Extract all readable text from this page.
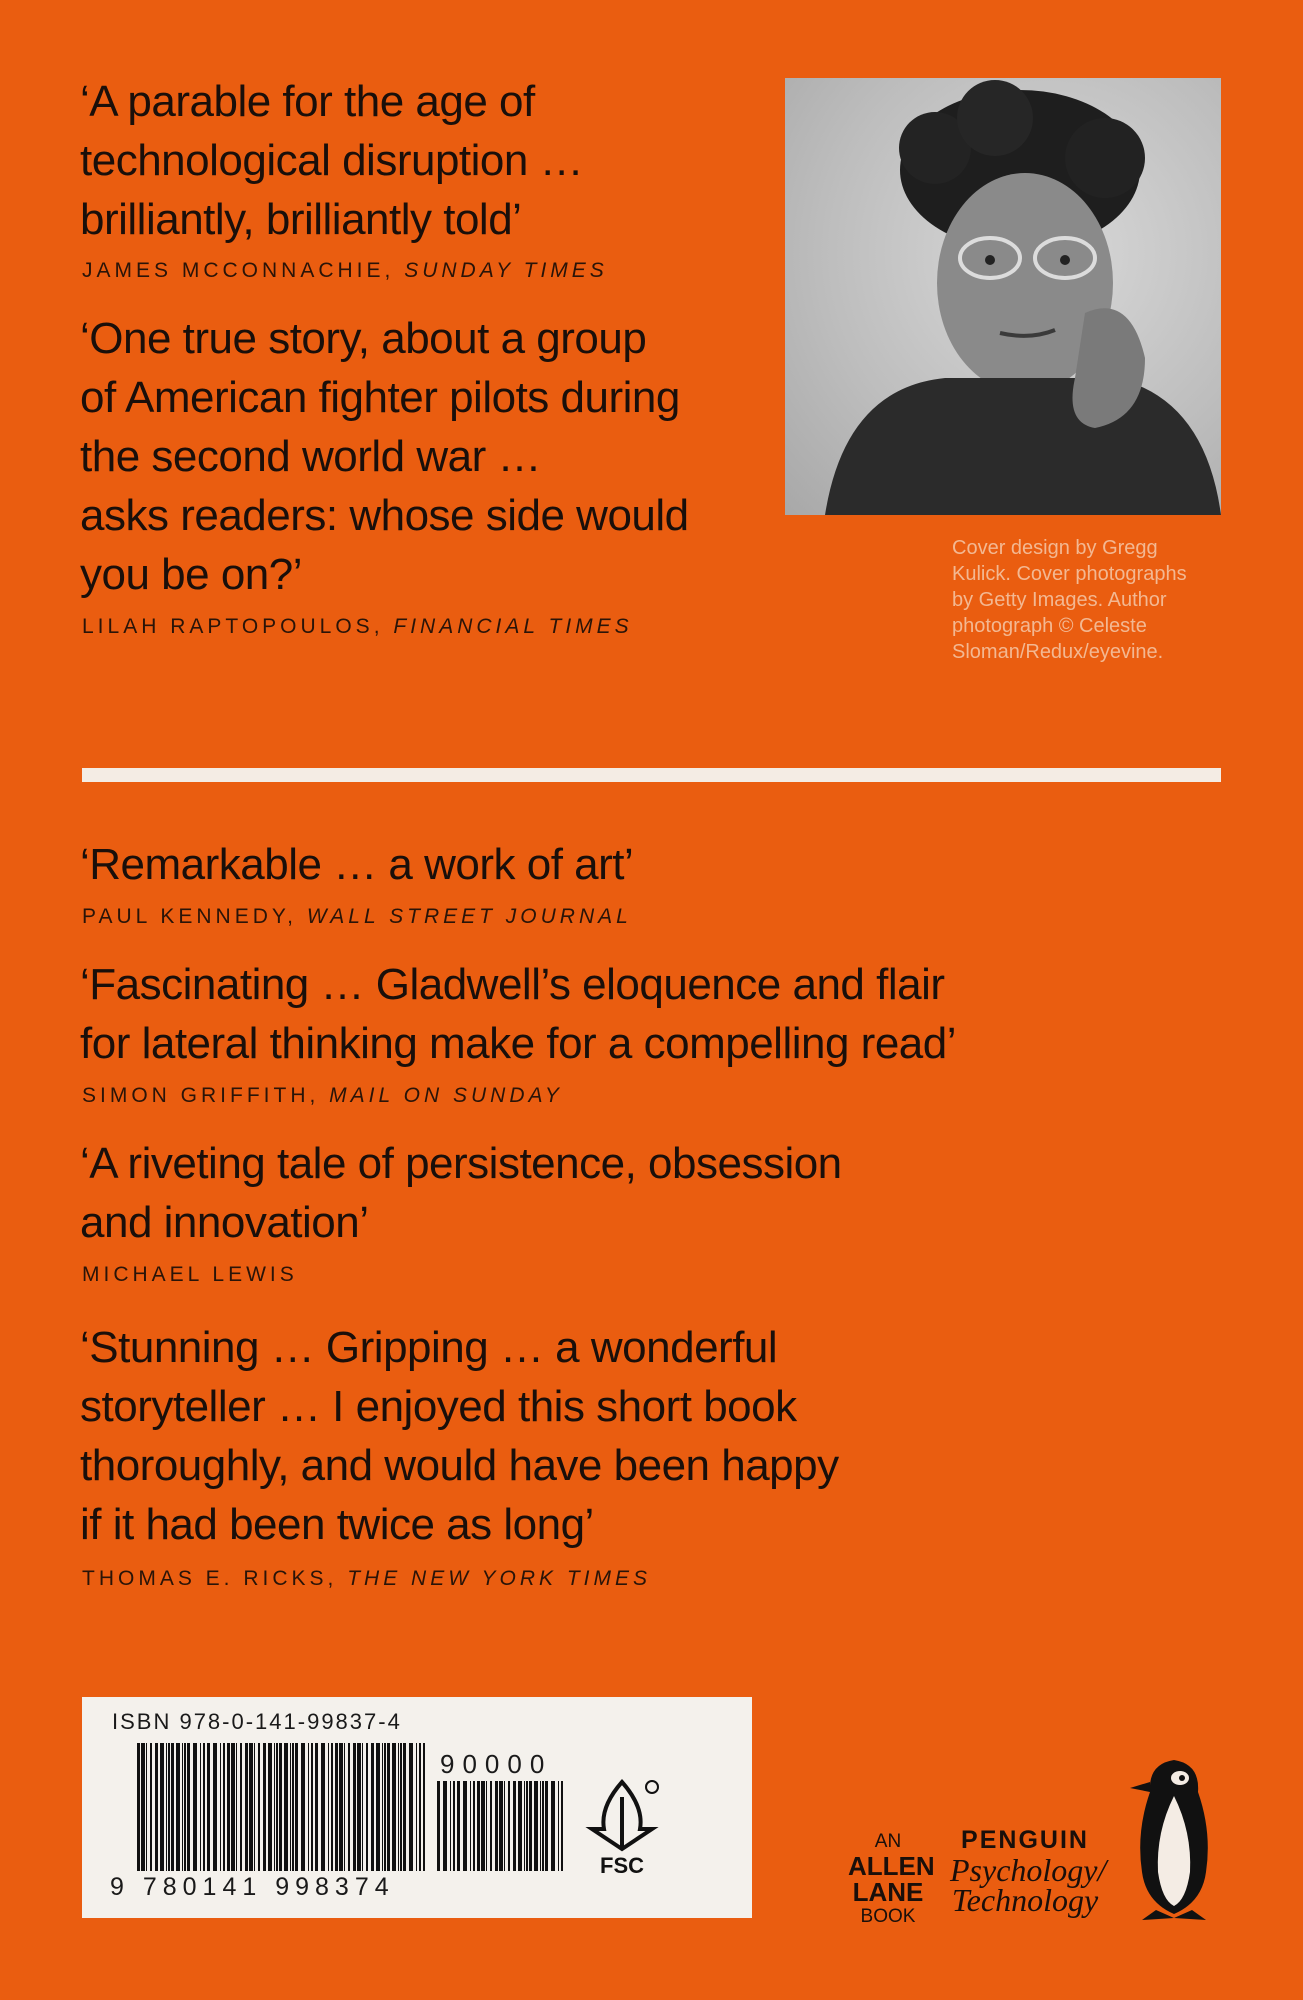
‘A parable for the age of
technological disruption …
brilliantly, brilliantly told’

JAMES MCCONNACHIE, SUNDAY TIMES

‘One true story, about a group
of American fighter pilots during
the second world war …
asks readers: whose side would
you be on?’

LILAH RAPTOPOULOS, FINANCIAL TIMES
Cover design by Gregg
Kulick. Cover photographs
by Getty Images. Author
photograph © Celeste
Sloman/Redux/eyevine.

‘Remarkable … a work of art’

PAUL KENNEDY, WALL STREET JOURNAL

‘Fascinating … Gladwell’s eloquence and flair
for lateral thinking make for a compelling read’

SIMON GRIFFITH, MAIL ON SUNDAY

‘A riveting tale of persistence, obsession
and innovation’

MICHAEL LEWIS

‘Stunning … Gripping … a wonderful
storyteller … I enjoyed this short book
thoroughly, and would have been happy
if it had been twice as long’

THOMAS E. RICKS, THE NEW YORK TIMES
ISBN 978-0-141-99837-4
90000
9 780141 998374
FSC
AN

ALLEN
LANE
BOOK
PENGUIN
Psychology/
Technology
